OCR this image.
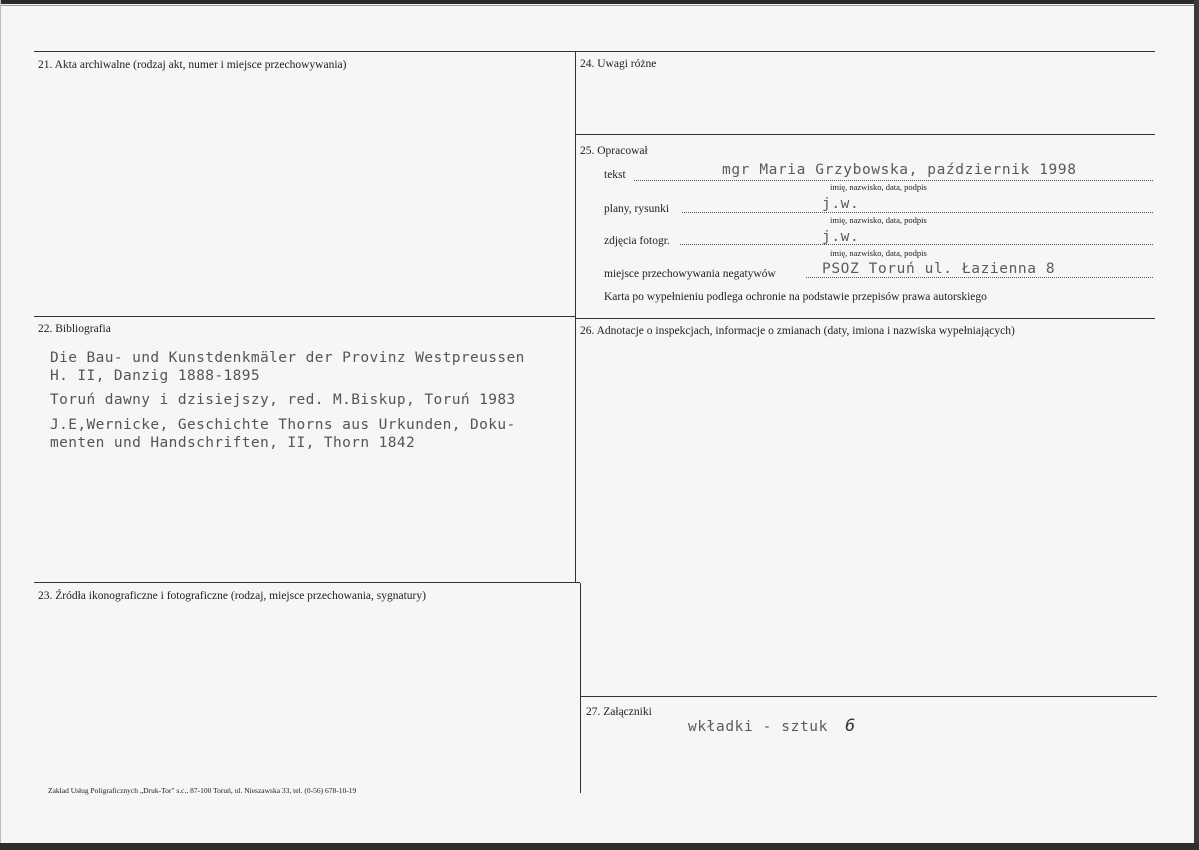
21. Akta archiwalne (rodzaj akt, numer i miejsce przechowywania)
22. Bibliografia
Die Bau- und Kunstdenkmäler der Provinz Westpreussen
H. II, Danzig 1888-1895
Toruń dawny i dzisiejszy, red. M.Biskup, Toruń 1983
J.E,Wernicke, Geschichte Thorns aus Urkunden, Doku-
menten und Handschriften, II, Thorn 1842
23. Źródła ikonograficzne i fotograficzne (rodzaj, miejsce przechowania, sygnatury)
24. Uwagi różne
25. Opracował
tekst	mgr Maria Grzybowska, październik 1998
imię, nazwisko, data, podpis
plany, rysunki	j.w.
imię, nazwisko, data, podpis
zdjęcia fotogr.	j.w.
imię, nazwisko, data, podpis
miejsce przechowywania negatywów	PSOZ Toruń ul. Łazienna 8
Karta po wypełnieniu podlega ochronie na podstawie przepisów prawa autorskiego
26. Adnotacje o inspekcjach, informacje o zmianach (daty, imiona i nazwiska wypełniających)
27. Załączniki
wkładki - sztuk 6
Zakład Usług Poligraficznych „Druk-Tor" s.c., 87-100 Toruń, ul. Nieszawska 33, tel. (0-56) 678-10-19
